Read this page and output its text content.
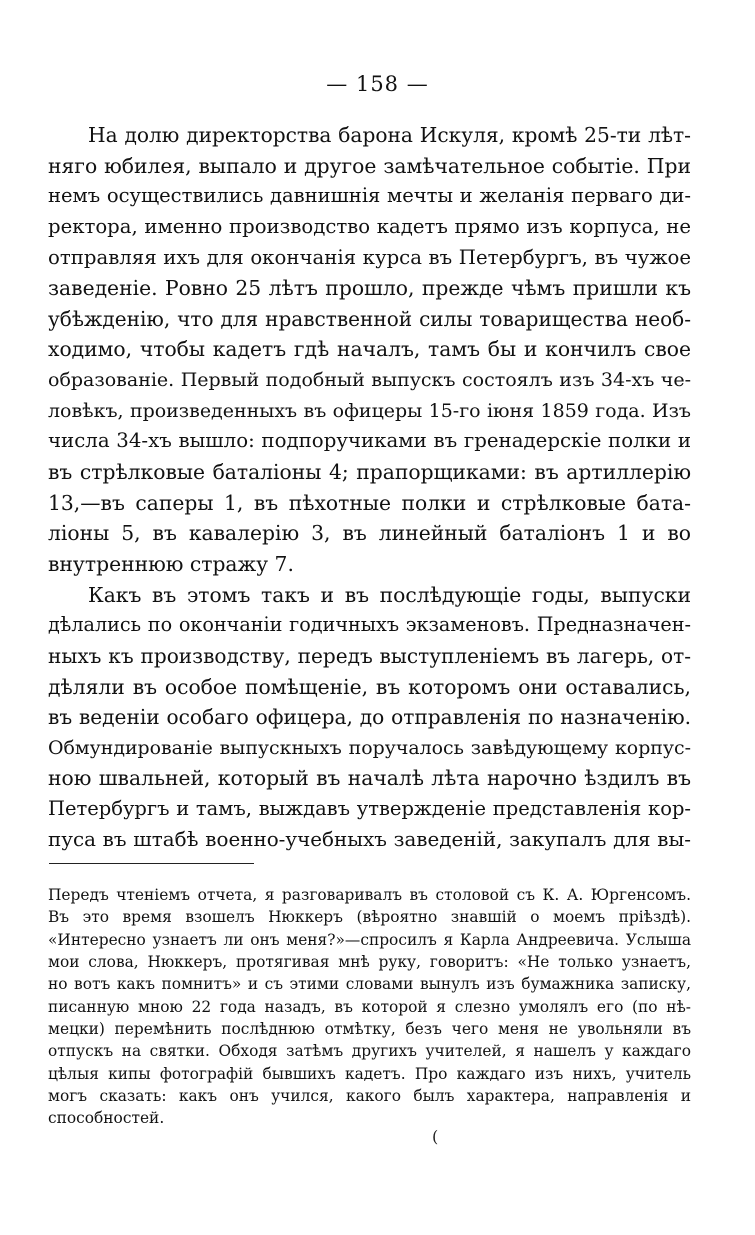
— 158 —
На долю директорства барона Искуля, кромѣ 25-ти лѣт-
няго юбилея, выпало и другое замѣчательное событіе. При
немъ осуществились давнишнія мечты и желанія перваго ди-
ректора, именно производство кадетъ прямо изъ корпуса, не
отправляя ихъ для окончанія курса въ Петербургъ, въ чужое
заведеніе. Ровно 25 лѣтъ прошло, прежде чѣмъ пришли къ
убѣжденію, что для нравственной силы товарищества необ-
ходимо, чтобы кадетъ гдѣ началъ, тамъ бы и кончилъ свое
образованіе. Первый подобный выпускъ состоялъ изъ 34-хъ че-
ловѣкъ, произведенныхъ въ офицеры 15-го іюня 1859 года. Изъ
числа 34-хъ вышло: подпоручиками въ гренадерскіе полки и
въ стрѣлковые баталіоны 4; прапорщиками: въ артиллерію
13,—въ саперы 1, въ пѣхотные полки и стрѣлковые бата-
ліоны 5, въ кавалерію 3, въ линейный баталіонъ 1 и во
внутреннюю стражу 7.
Какъ въ этомъ такъ и въ послѣдующіе годы, выпуски
дѣлались по окончаніи годичныхъ экзаменовъ. Предназначен-
ныхъ къ производству, передъ выступленіемъ въ лагерь, от-
дѣляли въ особое помѣщеніе, въ которомъ они оставались,
въ веденіи особаго офицера, до отправленія по назначенію.
Обмундированіе выпускныхъ поручалось завѣдующему корпус-
ною швальней, который въ началѣ лѣта нарочно ѣздилъ въ
Петербургъ и тамъ, выждавъ утвержденіе представленія кор-
пуса въ штабѣ военно-учебныхъ заведеній, закупалъ для вы-
Передъ чтеніемъ отчета, я разговаривалъ въ столовой съ К. А. Юргенсомъ.
Въ это время взошелъ Нюккеръ (вѣроятно знавшій о моемъ пріѣздѣ).
«Интересно узнаетъ ли онъ меня?»—спросилъ я Карла Андреевича. Услыша
мои слова, Нюккеръ, протягивая мнѣ руку, говоритъ: «Не только узнаетъ,
но вотъ какъ помнитъ» и съ этими словами вынулъ изъ бумажника записку,
писанную мною 22 года назадъ, въ которой я слезно умолялъ его (по нѣ-
мецки) перемѣнить послѣднюю отмѣтку, безъ чего меня не увольняли въ
отпускъ на святки. Обходя затѣмъ другихъ учителей, я нашелъ у каждаго
цѣлыя кипы фотографій бывшихъ кадетъ. Про каждаго изъ нихъ, учитель
могъ сказать: какъ онъ учился, какого былъ характера, направленія и
способностей.
(
